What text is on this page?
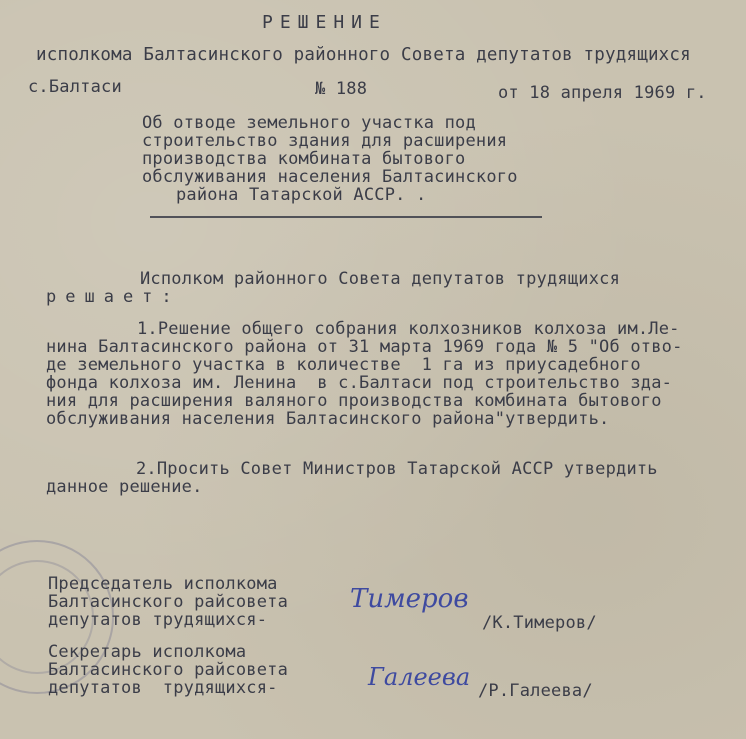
РЕШЕНИЕ
исполкома Балтасинского районного Совета депутатов трудящихся
с.Балтаси	№ 188	от 18 апреля 1969 г.
Об отводе земельного участка под
строительство здания для расширения
производства комбината бытового
обслуживания населения Балтасинского
района Татарской АССР. .
Исполком районного Совета депутатов трудящихся
решает:
1.Решение общего собрания колхозников колхоза им.Ле-
нина Балтасинского района от 31 марта 1969 года № 5 "Об отво-
де земельного участка в количестве  1 га из приусадебного
фонда колхоза им. Ленина  в с.Балтаси под строительство зда-
ния для расширения валяного производства комбината бытового
обслуживания населения Балтасинского района"утвердить.
2.Просить Совет Министров Татарской АССР утвердить
данное решение.
Председатель исполкома
Балтасинского райсовета
депутатов трудящихся-
Тимеров
/К.Тимеров/
Секретарь исполкома
Балтасинского райсовета
депутатов  трудящихся-	Галеева /Р.Галеева/
